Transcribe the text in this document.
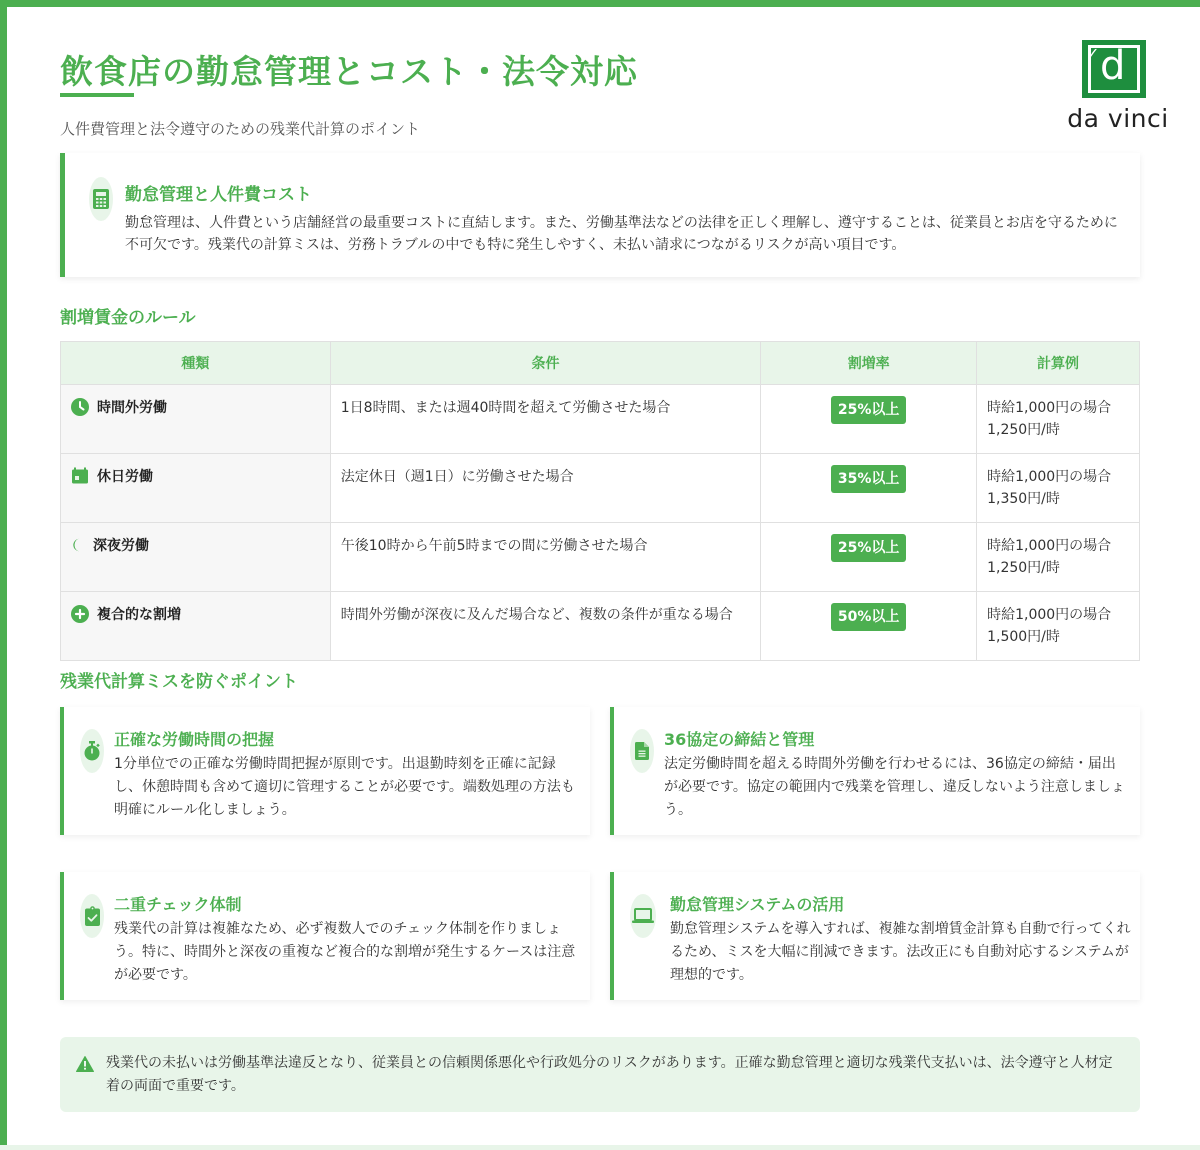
飲食店の勤怠管理とコスト・法令対応

人件費管理と法令遵守のための残業代計算のポイント

✓ d
da vinci
勤怠管理と人件費コスト

勤怠管理は、人件費という店舗経営の最重要コストに直結します。また、労働基準法などの法律を正しく理解し、遵守することは、従業員とお店を守るために不可欠です。残業代の計算ミスは、労務トラブルの中でも特に発生しやすく、未払い請求につながるリスクが高い項目です。

割増賃金のルール
種類	条件	割増率	計算例

時間外労働	1日8時間、または週40時間を超えて労働させた場合	25%以上	時給1,000円の場合
1,250円/時

休日労働	法定休日（週1日）に労働させた場合	35%以上	時給1,000円の場合
1,350円/時

深夜労働	午後10時から午前5時までの間に労働させた場合	25%以上	時給1,000円の場合
1,250円/時

複合的な割増	時間外労働が深夜に及んだ場合など、複数の条件が重なる場合	50%以上	時給1,000円の場合
1,500円/時
残業代計算ミスを防ぐポイント
正確な労働時間の把握

1分単位での正確な労働時間把握が原則です。出退勤時刻を正確に記録し、休憩時間も含めて適切に管理することが必要です。端数処理の方法も明確にルール化しましょう。

36協定の締結と管理

法定労働時間を超える時間外労働を行わせるには、36協定の締結・届出が必要です。協定の範囲内で残業を管理し、違反しないよう注意しましょう。

二重チェック体制

残業代の計算は複雑なため、必ず複数人でのチェック体制を作りましょう。特に、時間外と深夜の重複など複合的な割増が発生するケースは注意が必要です。

勤怠管理システムの活用

勤怠管理システムを導入すれば、複雑な割増賃金計算も自動で行ってくれるため、ミスを大幅に削減できます。法改正にも自動対応するシステムが理想的です。

残業代の未払いは労働基準法違反となり、従業員との信頼関係悪化や行政処分のリスクがあります。正確な勤怠管理と適切な残業代支払いは、法令遵守と人材定着の両面で重要です。
